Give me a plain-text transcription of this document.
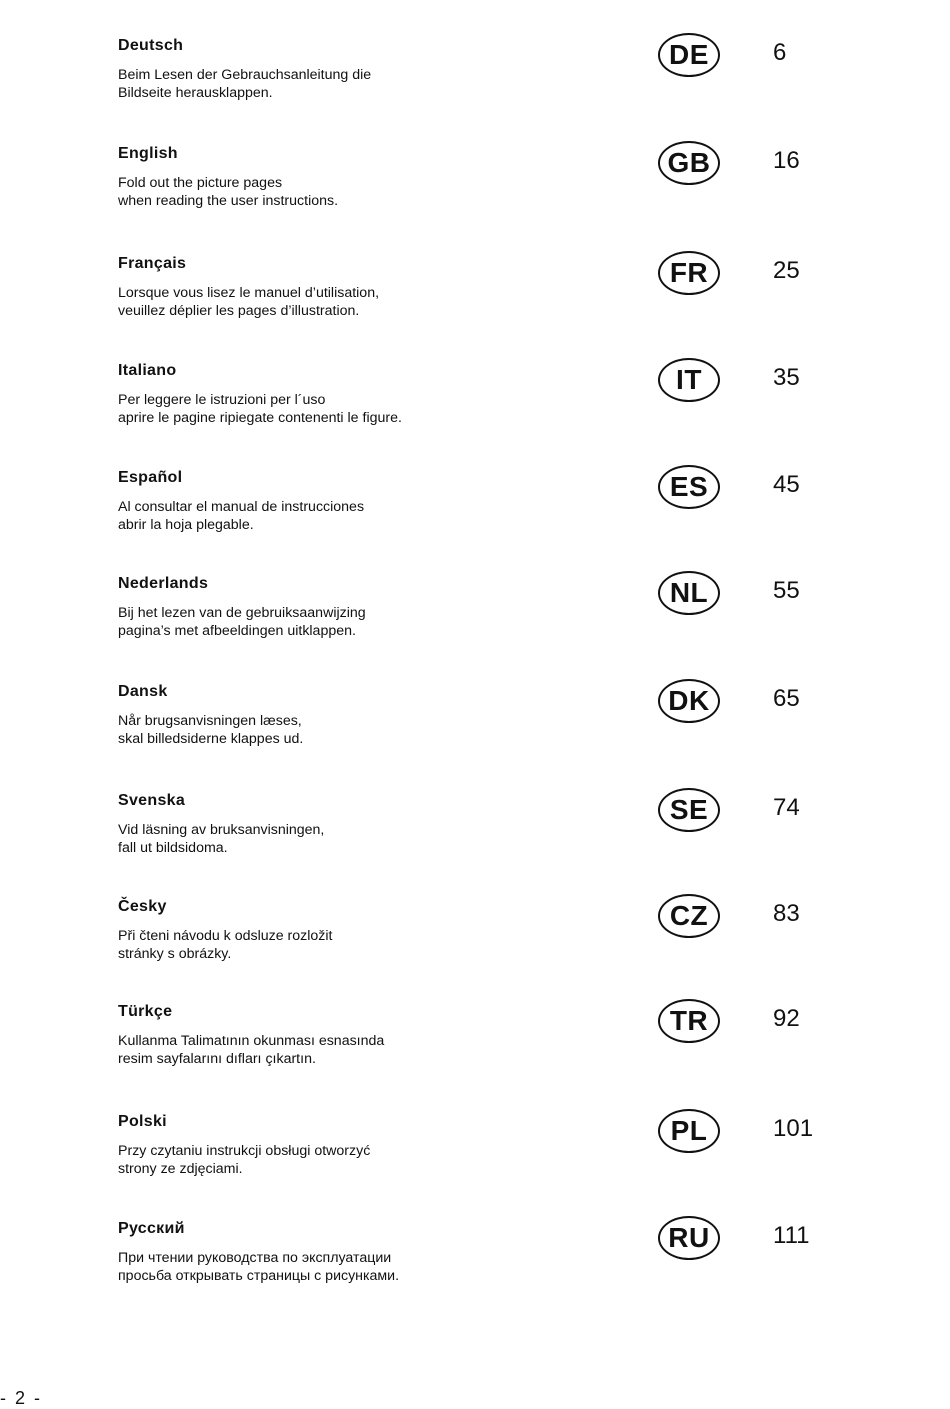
Deutsch
Beim Lesen der Gebrauchsanleitung die
Bildseite herausklappen.
DE	6
English
Fold out the picture pages
when reading the user instructions.
GB	16
Français
Lorsque vous lisez le manuel d’utilisation,
veuillez déplier les pages d’illustration.
FR	25
Italiano
Per leggere le istruzioni per l´uso
aprire le pagine ripiegate contenenti le figure.
IT	35
Español
Al consultar el manual de instrucciones
abrir la hoja plegable.
ES	45
Nederlands
Bij het lezen van de gebruiksaanwijzing
pagina’s met afbeeldingen uitklappen.
NL	55
Dansk
Når brugsanvisningen læses,
skal billedsiderne klappes ud.
DK	65
Svenska
Vid läsning av bruksanvisningen,
fall ut bildsidoma.
SE	74
Česky
Při čteni návodu k odsluze rozložit
stránky s obrázky.
CZ	83
Türkçe
Kullanma Talimatının okunması esnasında
resim sayfalarını dıfları çıkartın.
TR	92
Polski
Przy czytaniu instrukcji obsługi otworzyć
strony ze zdjęciami.
PL	101
Русский
При чтении руководства по эксплуатации
просьба открывать страницы с рисунками.
RU	111
- 2 -
